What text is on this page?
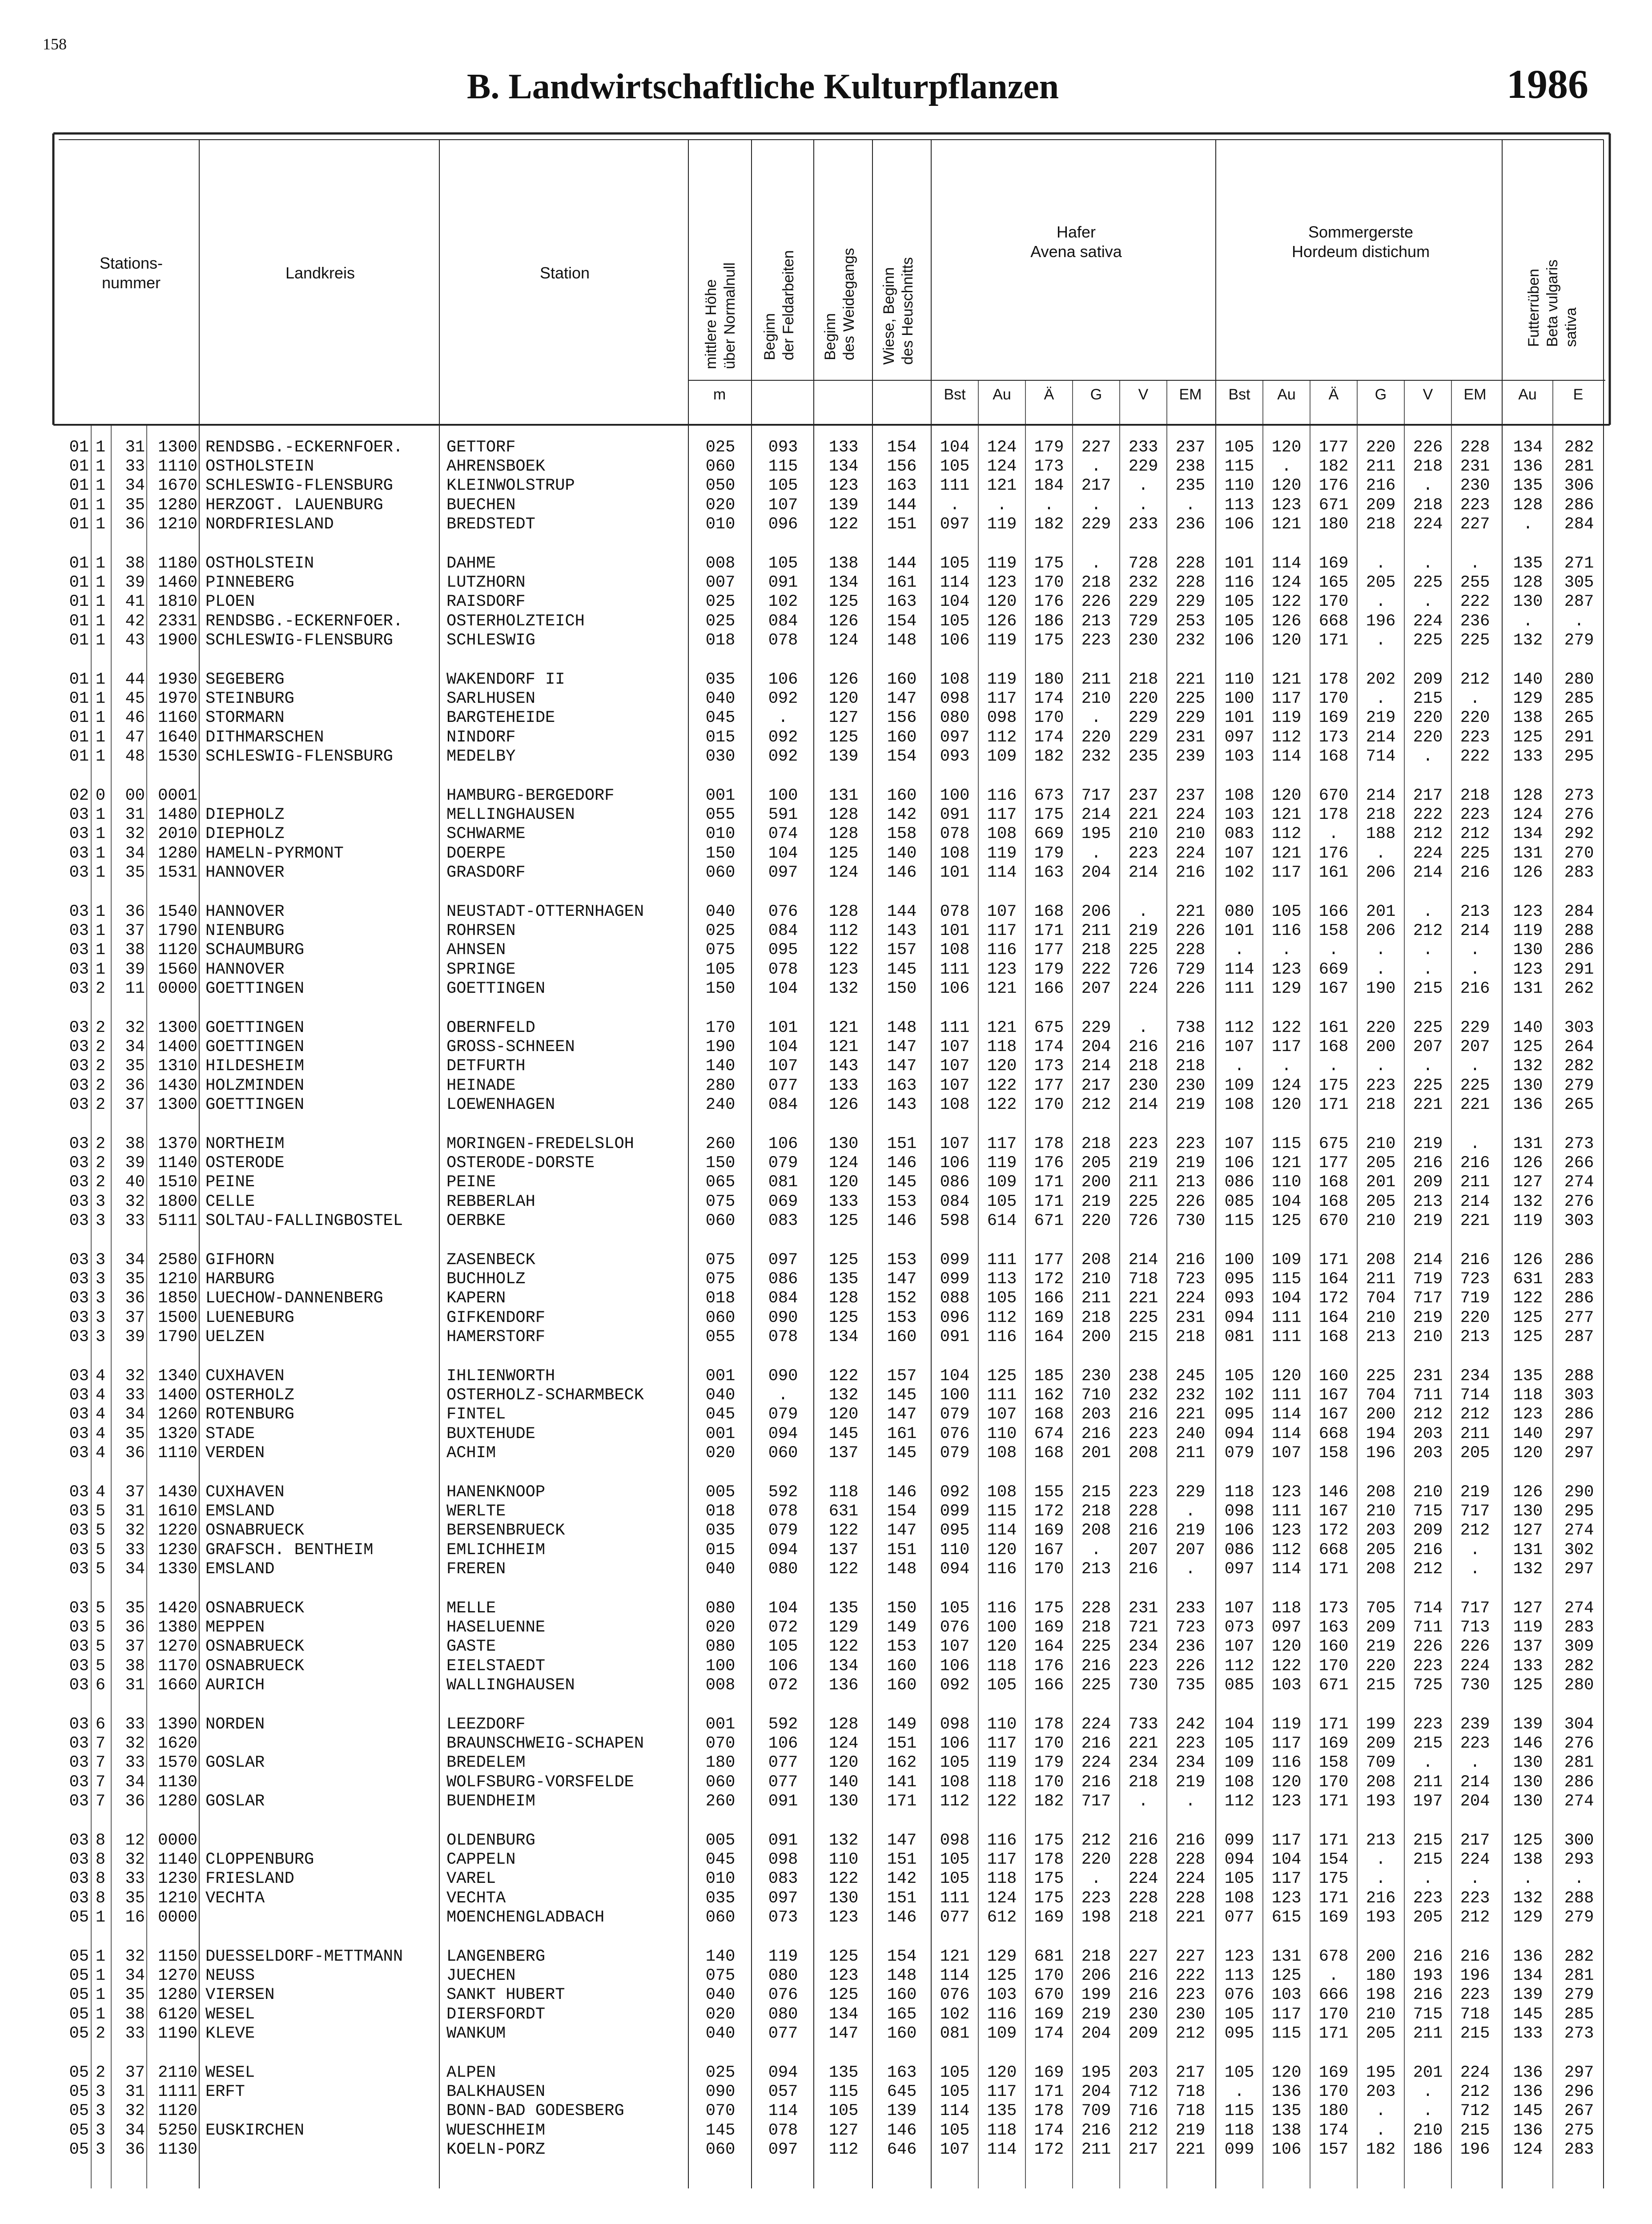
158
B. Landwirtschaftliche Kulturpflanzen	1986
Stations-
nummer
Landkreis	Station
mittlere Höhe
über Normalnull
Beginn
der Feldarbeiten
Beginn
des Weidegangs
Wiese, Beginn
des Heuschnitts
Hafer
Avena sativa
Sommergerste
Hordeum distichum
Futterrüben
Beta vulgaris
sativa
m	Bst	Au	Ä	G	V	EM	Bst	Au	Ä	G	V	EM	Au	E
01 1	31 1300 RENDSBG.-ECKERNFOER.	GETTORF	025	093	133	154	104	124	179	227	233	237	105	120	177	220	226	228	134	282
01 1	33 1110 OSTHOLSTEIN	AHRENSBOEK	060	115	134	156	105	124	173	.	229	238	115	.	182	211	218	231	136	281
01 1	34 1670 SCHLESWIG-FLENSBURG	KLEINWOLSTRUP	050	105	123	163	111	121	184	217	.	235	110	120	176	216	.	230	135	306
01 1	35 1280 HERZOGT. LAUENBURG	BUECHEN	020	107	139	144	.	.	.	.	.	.	113	123	671	209	218	223	128	286
01 1	36 1210 NORDFRIESLAND	BREDSTEDT	010	096	122	151	097	119	182	229	233	236	106	121	180	218	224	227	.	284
01 1	38 1180 OSTHOLSTEIN	DAHME	008	105	138	144	105	119	175	.	728	228	101	114	169	.	.	.	135	271
01 1	39 1460 PINNEBERG	LUTZHORN	007	091	134	161	114	123	170	218	232	228	116	124	165	205	225	255	128	305
01 1	41 1810 PLOEN	RAISDORF	025	102	125	163	104	120	176	226	229	229	105	122	170	.	.	222	130	287
01 1	42 2331 RENDSBG.-ECKERNFOER.	OSTERHOLZTEICH	025	084	126	154	105	126	186	213	729	253	105	126	668	196	224	236	.	.
01 1	43 1900 SCHLESWIG-FLENSBURG	SCHLESWIG	018	078	124	148	106	119	175	223	230	232	106	120	171	.	225	225	132	279
01 1	44 1930 SEGEBERG	WAKENDORF II	035	106	126	160	108	119	180	211	218	221	110	121	178	202	209	212	140	280
01 1	45 1970 STEINBURG	SARLHUSEN	040	092	120	147	098	117	174	210	220	225	100	117	170	.	215	.	129	285
01 1	46 1160 STORMARN	BARGTEHEIDE	045	.	127	156	080	098	170	.	229	229	101	119	169	219	220	220	138	265
01 1	47 1640 DITHMARSCHEN	NINDORF	015	092	125	160	097	112	174	220	229	231	097	112	173	214	220	223	125	291
01 1	48 1530 SCHLESWIG-FLENSBURG	MEDELBY	030	092	139	154	093	109	182	232	235	239	103	114	168	714	.	222	133	295
02 0	00 0001	HAMBURG-BERGEDORF	001	100	131	160	100	116	673	717	237	237	108	120	670	214	217	218	128	273
03 1	31 1480 DIEPHOLZ	MELLINGHAUSEN	055	591	128	142	091	117	175	214	221	224	103	121	178	218	222	223	124	276
03 1	32 2010 DIEPHOLZ	SCHWARME	010	074	128	158	078	108	669	195	210	210	083	112	.	188	212	212	134	292
03 1	34 1280 HAMELN-PYRMONT	DOERPE	150	104	125	140	108	119	179	.	223	224	107	121	176	.	224	225	131	270
03 1	35 1531 HANNOVER	GRASDORF	060	097	124	146	101	114	163	204	214	216	102	117	161	206	214	216	126	283
03 1	36 1540 HANNOVER	NEUSTADT-OTTERNHAGEN	040	076	128	144	078	107	168	206	.	221	080	105	166	201	.	213	123	284
03 1	37 1790 NIENBURG	ROHRSEN	025	084	112	143	101	117	171	211	219	226	101	116	158	206	212	214	119	288
03 1	38 1120 SCHAUMBURG	AHNSEN	075	095	122	157	108	116	177	218	225	228	.	.	.	.	.	.	130	286
03 1	39 1560 HANNOVER	SPRINGE	105	078	123	145	111	123	179	222	726	729	114	123	669	.	.	.	123	291
03 2	11 0000 GOETTINGEN	GOETTINGEN	150	104	132	150	106	121	166	207	224	226	111	129	167	190	215	216	131	262
03 2	32 1300 GOETTINGEN	OBERNFELD	170	101	121	148	111	121	675	229	.	738	112	122	161	220	225	229	140	303
03 2	34 1400 GOETTINGEN	GROSS-SCHNEEN	190	104	121	147	107	118	174	204	216	216	107	117	168	200	207	207	125	264
03 2	35 1310 HILDESHEIM	DETFURTH	140	107	143	147	107	120	173	214	218	218	.	.	.	.	.	.	132	282
03 2	36 1430 HOLZMINDEN	HEINADE	280	077	133	163	107	122	177	217	230	230	109	124	175	223	225	225	130	279
03 2	37 1300 GOETTINGEN	LOEWENHAGEN	240	084	126	143	108	122	170	212	214	219	108	120	171	218	221	221	136	265
03 2	38 1370 NORTHEIM	MORINGEN-FREDELSLOH	260	106	130	151	107	117	178	218	223	223	107	115	675	210	219	.	131	273
03 2	39 1140 OSTERODE	OSTERODE-DORSTE	150	079	124	146	106	119	176	205	219	219	106	121	177	205	216	216	126	266
03 2	40 1510 PEINE	PEINE	065	081	120	145	086	109	171	200	211	213	086	110	168	201	209	211	127	274
03 3	32 1800 CELLE	REBBERLAH	075	069	133	153	084	105	171	219	225	226	085	104	168	205	213	214	132	276
03 3	33 5111 SOLTAU-FALLINGBOSTEL	OERBKE	060	083	125	146	598	614	671	220	726	730	115	125	670	210	219	221	119	303
03 3	34 2580 GIFHORN	ZASENBECK	075	097	125	153	099	111	177	208	214	216	100	109	171	208	214	216	126	286
03 3	35 1210 HARBURG	BUCHHOLZ	075	086	135	147	099	113	172	210	718	723	095	115	164	211	719	723	631	283
03 3	36 1850 LUECHOW-DANNENBERG	KAPERN	018	084	128	152	088	105	166	211	221	224	093	104	172	704	717	719	122	286
03 3	37 1500 LUENEBURG	GIFKENDORF	060	090	125	153	096	112	169	218	225	231	094	111	164	210	219	220	125	277
03 3	39 1790 UELZEN	HAMERSTORF	055	078	134	160	091	116	164	200	215	218	081	111	168	213	210	213	125	287
03 4	32 1340 CUXHAVEN	IHLIENWORTH	001	090	122	157	104	125	185	230	238	245	105	120	160	225	231	234	135	288
03 4	33 1400 OSTERHOLZ	OSTERHOLZ-SCHARMBECK	040	.	132	145	100	111	162	710	232	232	102	111	167	704	711	714	118	303
03 4	34 1260 ROTENBURG	FINTEL	045	079	120	147	079	107	168	203	216	221	095	114	167	200	212	212	123	286
03 4	35 1320 STADE	BUXTEHUDE	001	094	145	161	076	110	674	216	223	240	094	114	668	194	203	211	140	297
03 4	36 1110 VERDEN	ACHIM	020	060	137	145	079	108	168	201	208	211	079	107	158	196	203	205	120	297
03 4	37 1430 CUXHAVEN	HANENKNOOP	005	592	118	146	092	108	155	215	223	229	118	123	146	208	210	219	126	290
03 5	31 1610 EMSLAND	WERLTE	018	078	631	154	099	115	172	218	228	.	098	111	167	210	715	717	130	295
03 5	32 1220 OSNABRUECK	BERSENBRUECK	035	079	122	147	095	114	169	208	216	219	106	123	172	203	209	212	127	274
03 5	33 1230 GRAFSCH. BENTHEIM	EMLICHHEIM	015	094	137	151	110	120	167	.	207	207	086	112	668	205	216	.	131	302
03 5	34 1330 EMSLAND	FREREN	040	080	122	148	094	116	170	213	216	.	097	114	171	208	212	.	132	297
03 5	35 1420 OSNABRUECK	MELLE	080	104	135	150	105	116	175	228	231	233	107	118	173	705	714	717	127	274
03 5	36 1380 MEPPEN	HASELUENNE	020	072	129	149	076	100	169	218	721	723	073	097	163	209	711	713	119	283
03 5	37 1270 OSNABRUECK	GASTE	080	105	122	153	107	120	164	225	234	236	107	120	160	219	226	226	137	309
03 5	38 1170 OSNABRUECK	EIELSTAEDT	100	106	134	160	106	118	176	216	223	226	112	122	170	220	223	224	133	282
03 6	31 1660 AURICH	WALLINGHAUSEN	008	072	136	160	092	105	166	225	730	735	085	103	671	215	725	730	125	280
03 6	33 1390 NORDEN	LEEZDORF	001	592	128	149	098	110	178	224	733	242	104	119	171	199	223	239	139	304
03 7	32 1620	BRAUNSCHWEIG-SCHAPEN	070	106	124	151	106	117	170	216	221	223	105	117	169	209	215	223	146	276
03 7	33 1570 GOSLAR	BREDELEM	180	077	120	162	105	119	179	224	234	234	109	116	158	709	.	.	130	281
03 7	34 1130	WOLFSBURG-VORSFELDE	060	077	140	141	108	118	170	216	218	219	108	120	170	208	211	214	130	286
03 7	36 1280 GOSLAR	BUENDHEIM	260	091	130	171	112	122	182	717	.	.	112	123	171	193	197	204	130	274
03 8	12 0000	OLDENBURG	005	091	132	147	098	116	175	212	216	216	099	117	171	213	215	217	125	300
03 8	32 1140 CLOPPENBURG	CAPPELN	045	098	110	151	105	117	178	220	228	228	094	104	154	.	215	224	138	293
03 8	33 1230 FRIESLAND	VAREL	010	083	122	142	105	118	175	.	224	224	105	117	175	.	.	.	.	.
03 8	35 1210 VECHTA	VECHTA	035	097	130	151	111	124	175	223	228	228	108	123	171	216	223	223	132	288
05 1	16 0000	MOENCHENGLADBACH	060	073	123	146	077	612	169	198	218	221	077	615	169	193	205	212	129	279
05 1	32 1150 DUESSELDORF-METTMANN	LANGENBERG	140	119	125	154	121	129	681	218	227	227	123	131	678	200	216	216	136	282
05 1	34 1270 NEUSS	JUECHEN	075	080	123	148	114	125	170	206	216	222	113	125	.	180	193	196	134	281
05 1	35 1280 VIERSEN	SANKT HUBERT	040	076	125	160	076	103	670	199	216	223	076	103	666	198	216	223	139	279
05 1	38 6120 WESEL	DIERSFORDT	020	080	134	165	102	116	169	219	230	230	105	117	170	210	715	718	145	285
05 2	33 1190 KLEVE	WANKUM	040	077	147	160	081	109	174	204	209	212	095	115	171	205	211	215	133	273
05 2	37 2110 WESEL	ALPEN	025	094	135	163	105	120	169	195	203	217	105	120	169	195	201	224	136	297
05 3	31 1111 ERFT	BALKHAUSEN	090	057	115	645	105	117	171	204	712	718	.	136	170	203	.	212	136	296
05 3	32 1120	BONN-BAD GODESBERG	070	114	105	139	114	135	178	709	716	718	115	135	180	.	.	712	145	267
05 3	34 5250 EUSKIRCHEN	WUESCHHEIM	145	078	127	146	105	118	174	216	212	219	118	138	174	.	210	215	136	275
05 3	36 1130	KOELN-PORZ	060	097	112	646	107	114	172	211	217	221	099	106	157	182	186	196	124	283
